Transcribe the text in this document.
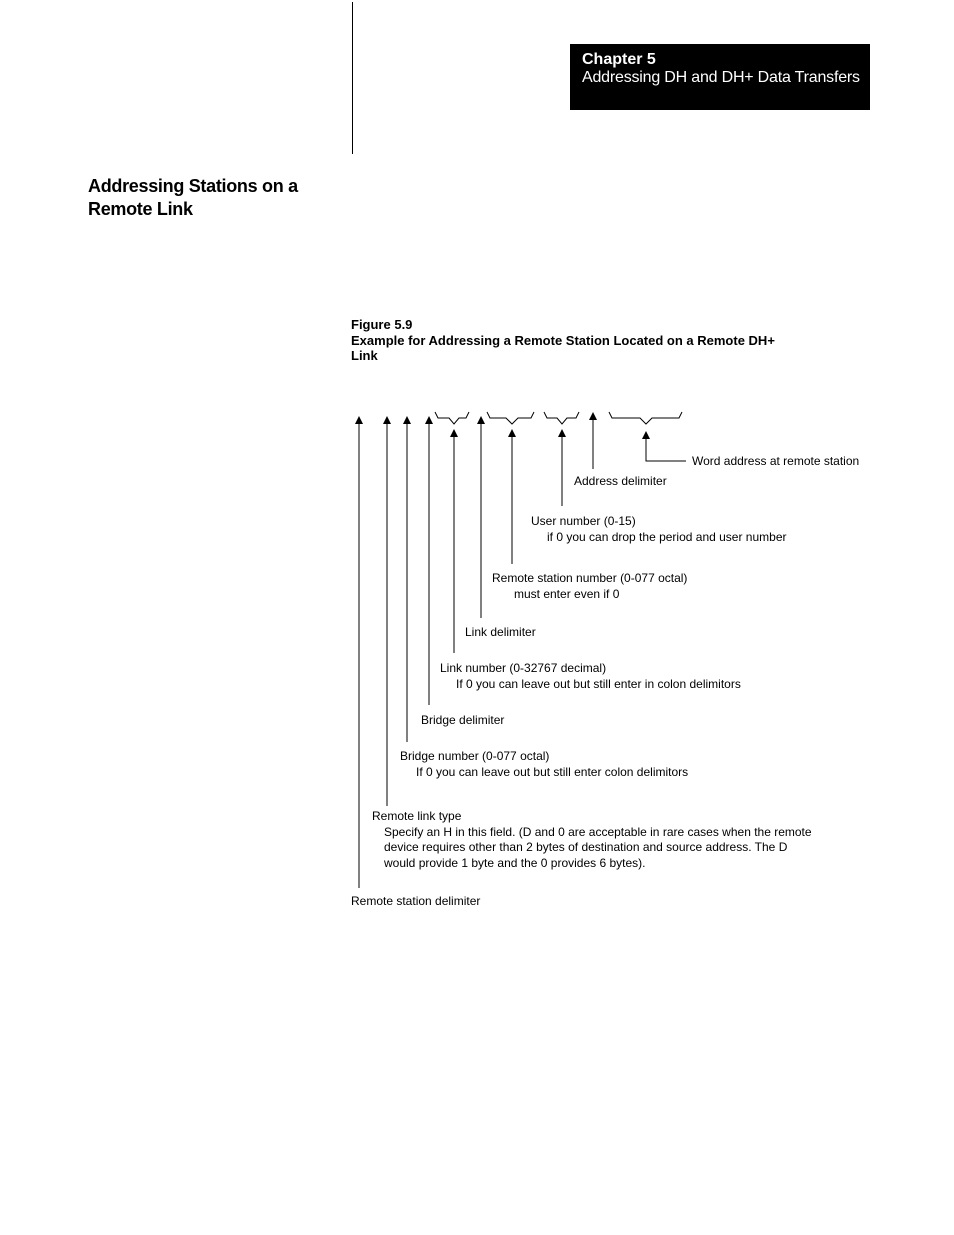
Chapter 5
Addressing DH and DH+ Data Transfers
Addressing Stations on a Remote Link
Figure 5.9
Example for Addressing a Remote Station Located on a Remote DH+ Link
Word address at remote station
Address delimiter
User number (0-15)
if 0 you can drop the period and user number
Remote station number (0-077 octal)
must enter even if 0
Link delimiter
Link number (0-32767 decimal)
If 0 you can leave out but still enter in colon delimitors
Bridge delimiter
Bridge number (0-077 octal)
If 0 you can leave out but still enter colon delimitors
Remote link type
Specify an H in this field. (D and 0 are acceptable in rare cases when the remote
device requires other than 2 bytes of destination and source address. The D
would provide 1 byte and the 0 provides 6 bytes).
Remote station delimiter
